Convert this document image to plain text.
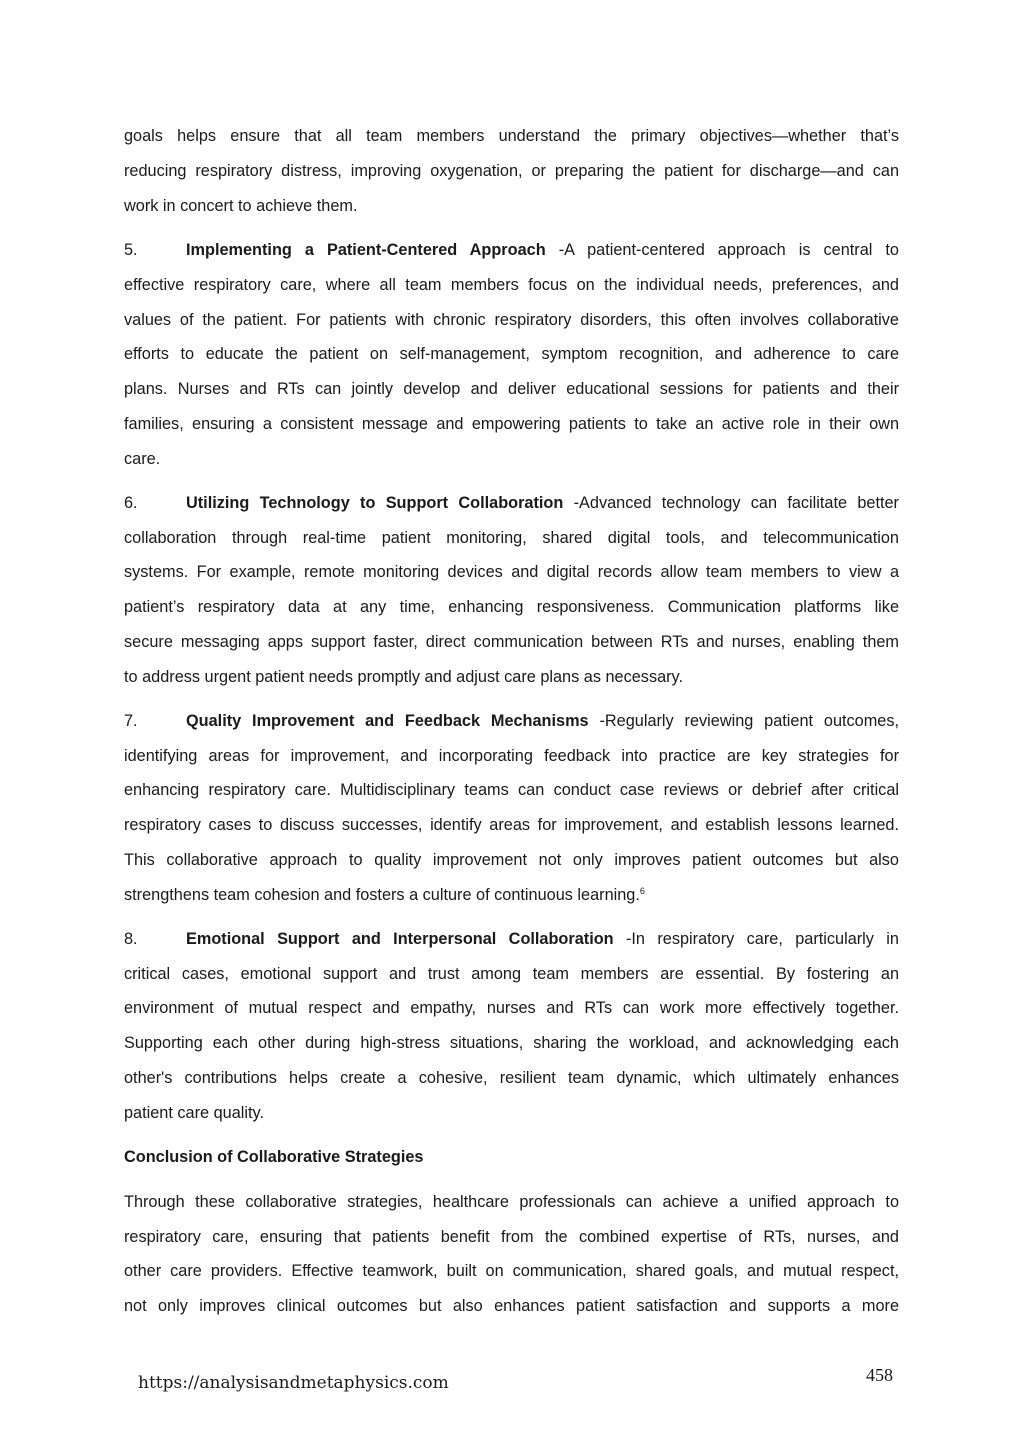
goals helps ensure that all team members understand the primary objectives—whether that’s
reducing respiratory distress, improving oxygenation, or preparing the patient for discharge—and can
work in concert to achieve them.
5.	Implementing a Patient-Centered Approach -A patient-centered approach is central to
effective respiratory care, where all team members focus on the individual needs, preferences, and
values of the patient. For patients with chronic respiratory disorders, this often involves collaborative
efforts to educate the patient on self-management, symptom recognition, and adherence to care
plans. Nurses and RTs can jointly develop and deliver educational sessions for patients and their
families, ensuring a consistent message and empowering patients to take an active role in their own
care.
6.	Utilizing Technology to Support Collaboration -Advanced technology can facilitate better
collaboration through real-time patient monitoring, shared digital tools, and telecommunication
systems. For example, remote monitoring devices and digital records allow team members to view a
patient’s respiratory data at any time, enhancing responsiveness. Communication platforms like
secure messaging apps support faster, direct communication between RTs and nurses, enabling them
to address urgent patient needs promptly and adjust care plans as necessary.
7.	Quality Improvement and Feedback Mechanisms -Regularly reviewing patient outcomes,
identifying areas for improvement, and incorporating feedback into practice are key strategies for
enhancing respiratory care. Multidisciplinary teams can conduct case reviews or debrief after critical
respiratory cases to discuss successes, identify areas for improvement, and establish lessons learned.
This collaborative approach to quality improvement not only improves patient outcomes but also
strengthens team cohesion and fosters a culture of continuous learning.$^6$
8.	Emotional Support and Interpersonal Collaboration -In respiratory care, particularly in
critical cases, emotional support and trust among team members are essential. By fostering an
environment of mutual respect and empathy, nurses and RTs can work more effectively together.
Supporting each other during high-stress situations, sharing the workload, and acknowledging each
other's contributions helps create a cohesive, resilient team dynamic, which ultimately enhances
patient care quality.
Conclusion of Collaborative Strategies
Through these collaborative strategies, healthcare professionals can achieve a unified approach to
respiratory care, ensuring that patients benefit from the combined expertise of RTs, nurses, and
other care providers. Effective teamwork, built on communication, shared goals, and mutual respect,
not only improves clinical outcomes but also enhances patient satisfaction and supports a more
https://analysisandmetaphysics.com	458
